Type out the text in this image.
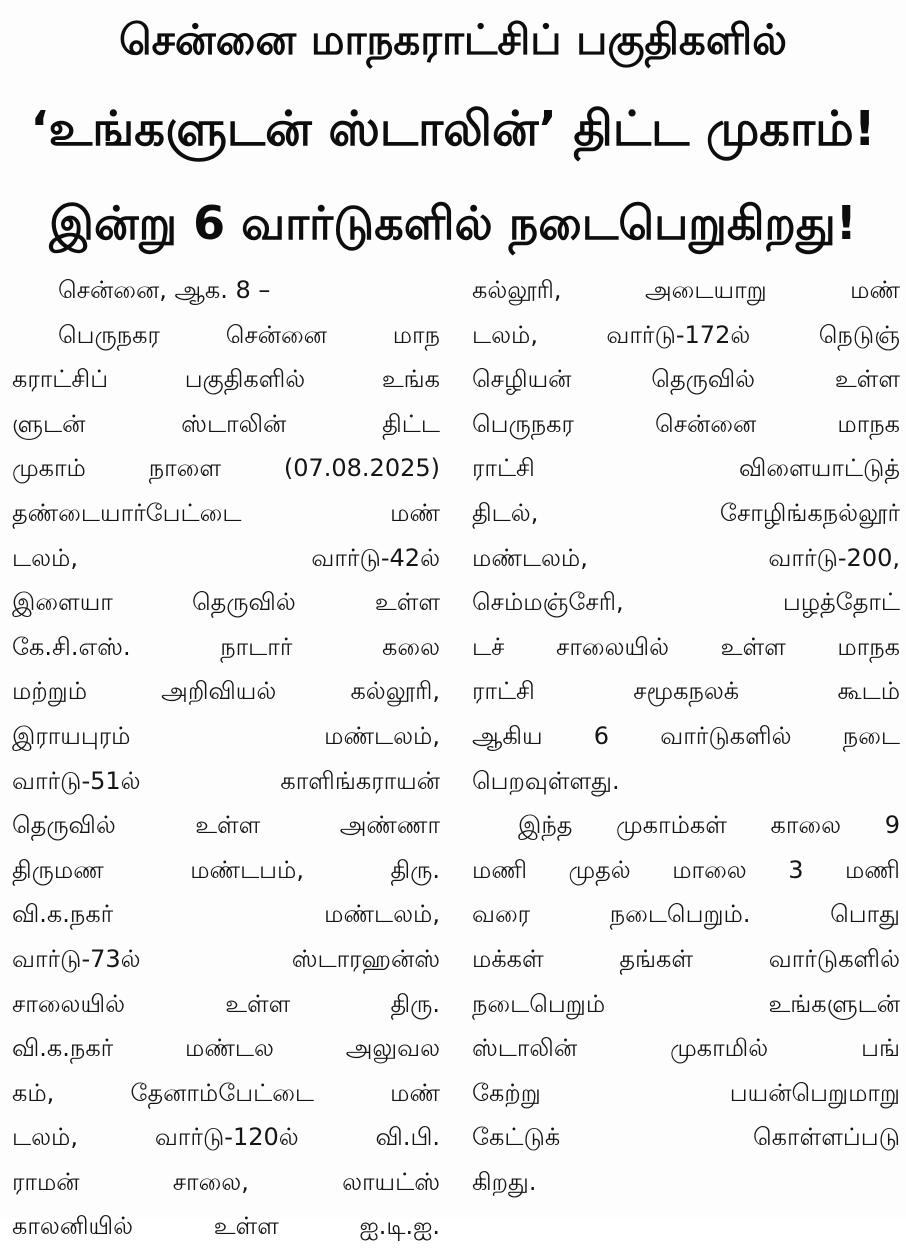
சென்னை மாநகராட்சிப் பகுதிகளில்
‘உங்களுடன் ஸ்டாலின்’ திட்ட முகாம்!
இன்று 6 வார்டுகளில் நடைபெறுகிறது!
சென்னை, ஆக. 8 –
பெருநகர சென்னை மாந
கராட்சிப் பகுதிகளில் உங்க
ளுடன் ஸ்டாலின் திட்ட
முகாம் நாளை (07.08.2025)
தண்டையார்பேட்டை மண்
டலம், வார்டு-42ல்
இளையா தெருவில் உள்ள
கே.சி.எஸ். நாடார் கலை
மற்றும் அறிவியல் கல்லூரி,
இராயபுரம் மண்டலம்,
வார்டு-51ல் காளிங்கராயன்
தெருவில் உள்ள அண்ணா
திருமண மண்டபம், திரு.
வி.க.நகர் மண்டலம்,
வார்டு-73ல் ஸ்டாரஹன்ஸ்
சாலையில் உள்ள திரு.
வி.க.நகர் மண்டல அலுவல
கம், தேனாம்பேட்டை மண்
டலம், வார்டு-120ல் வி.பி.
ராமன் சாலை, லாயட்ஸ்
காலனியில் உள்ள ஐ.டி.ஐ.
கல்லூரி, அடையாறு மண்
டலம், வார்டு-172ல் நெடுஞ்
செழியன் தெருவில் உள்ள
பெருநகர சென்னை மாநக
ராட்சி விளையாட்டுத்
திடல், சோழிங்கநல்லூர்
மண்டலம், வார்டு-200,
செம்மஞ்சேரி, பழத்தோட்
டச் சாலையில் உள்ள மாநக
ராட்சி சமூகநலக் கூடம்
ஆகிய 6 வார்டுகளில் நடை
பெறவுள்ளது.
இந்த முகாம்கள் காலை 9
மணி முதல் மாலை 3 மணி
வரை நடைபெறும். பொது
மக்கள் தங்கள் வார்டுகளில்
நடைபெறும் உங்களுடன்
ஸ்டாலின் முகாமில் பங்
கேற்று பயன்பெறுமாறு
கேட்டுக் கொள்ளப்படு
கிறது.
